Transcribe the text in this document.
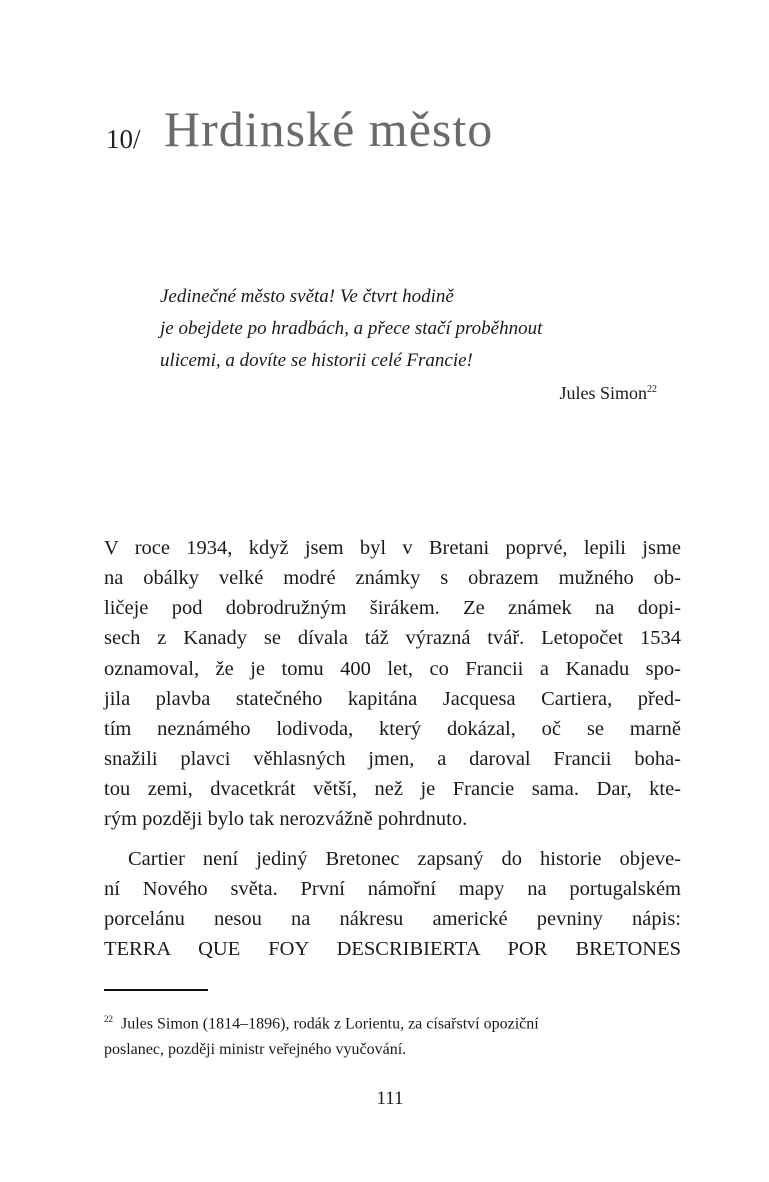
10/ Hrdinské město
Jedinečné město světa! Ve čtvrt hodině
je obejdete po hradbách, a přece stačí proběhnout
ulicemi, a dovíte se historii celé Francie!
Jules Simon$^{22}$
V roce 1934, když jsem byl v Bretani poprvé, lepili jsme
na obálky velké modré známky s obrazem mužného ob-
ličeje pod dobrodružným širákem. Ze známek na dopi-
sech z Kanady se dívala táž výrazná tvář. Letopočet 1534
oznamoval, že je tomu 400 let, co Francii a Kanadu spo-
jila plavba statečného kapitána Jacquesa Cartiera, před-
tím neznámého lodivoda, který dokázal, oč se marně
snažili plavci věhlasných jmen, a daroval Francii boha-
tou zemi, dvacetkrát větší, než je Francie sama. Dar, kte-
rým později bylo tak nerozvážně pohrdnuto.
Cartier není jediný Bretonec zapsaný do historie objeve-
ní Nového světa. První námořní mapy na portugalském
porcelánu nesou na nákresu americké pevniny nápis:
TERRA QUE FOY DESCRIBIERTA POR BRETONES
$^{22}$ Jules Simon (1814–1896), rodák z Lorientu, za císařství opoziční
poslanec, později ministr veřejného vyučování.
111
